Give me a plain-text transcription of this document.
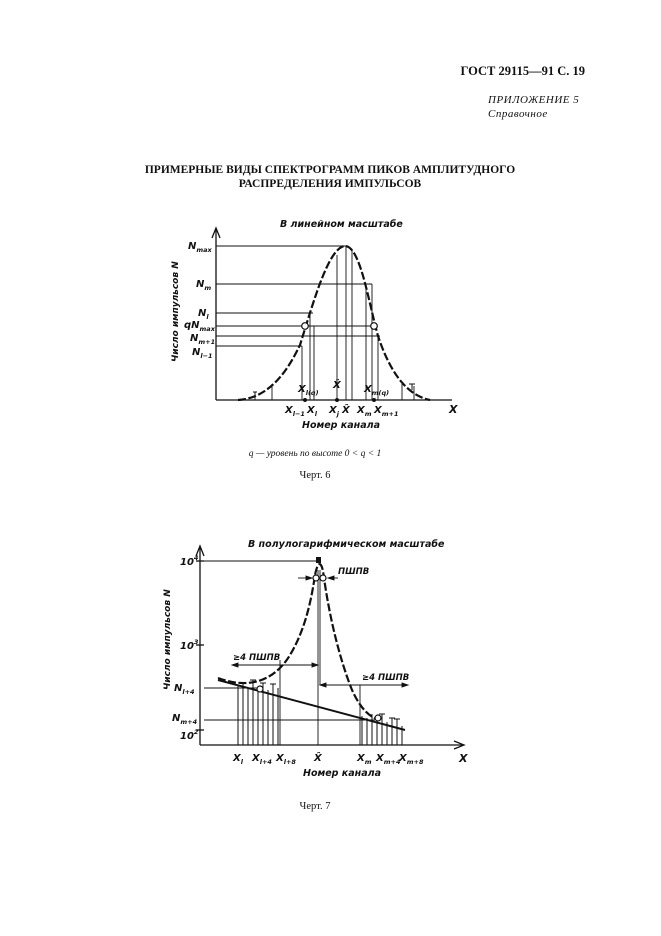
ГОСТ 29115—91 С. 19
ПРИЛОЖЕНИЕ 5
Справочное
ПРИМЕРНЫЕ ВИДЫ СПЕКТРОГРАММ ПИКОВ АМПЛИТУДНОГО
РАСПРЕДЕЛЕНИЯ ИМПУЛЬСОВ
В линейном масштабе
Число импульсов N
$N_{max}$
$N_m$
$N_l$
$qN_{max}$
$N_{m+1}$
$N_{l-1}$
$X_{l(q)}$
X̂ $X_{m(q)}$
$X_{l-1}$ $X_l$ $X_j$ X̂ $X_m$ $X_{m+1}$	X
Номер канала
q — уровень по высоте 0 < q < 1
Черт. 6
В полулогарифмическом масштабе
Число импульсов N
ПШПВ
≥4 ПШПВ
≥4 ПШПВ
$10^4$
$10^3$
$N_{l+4}$
$N_{m+4}$
$10^2$
$X_l$ $X_{l+4}$ $X_{l+8}$ X̂	$X_m$ $X_{m+4}$
$X_{m+8}$	X
Номер канала
Черт. 7
